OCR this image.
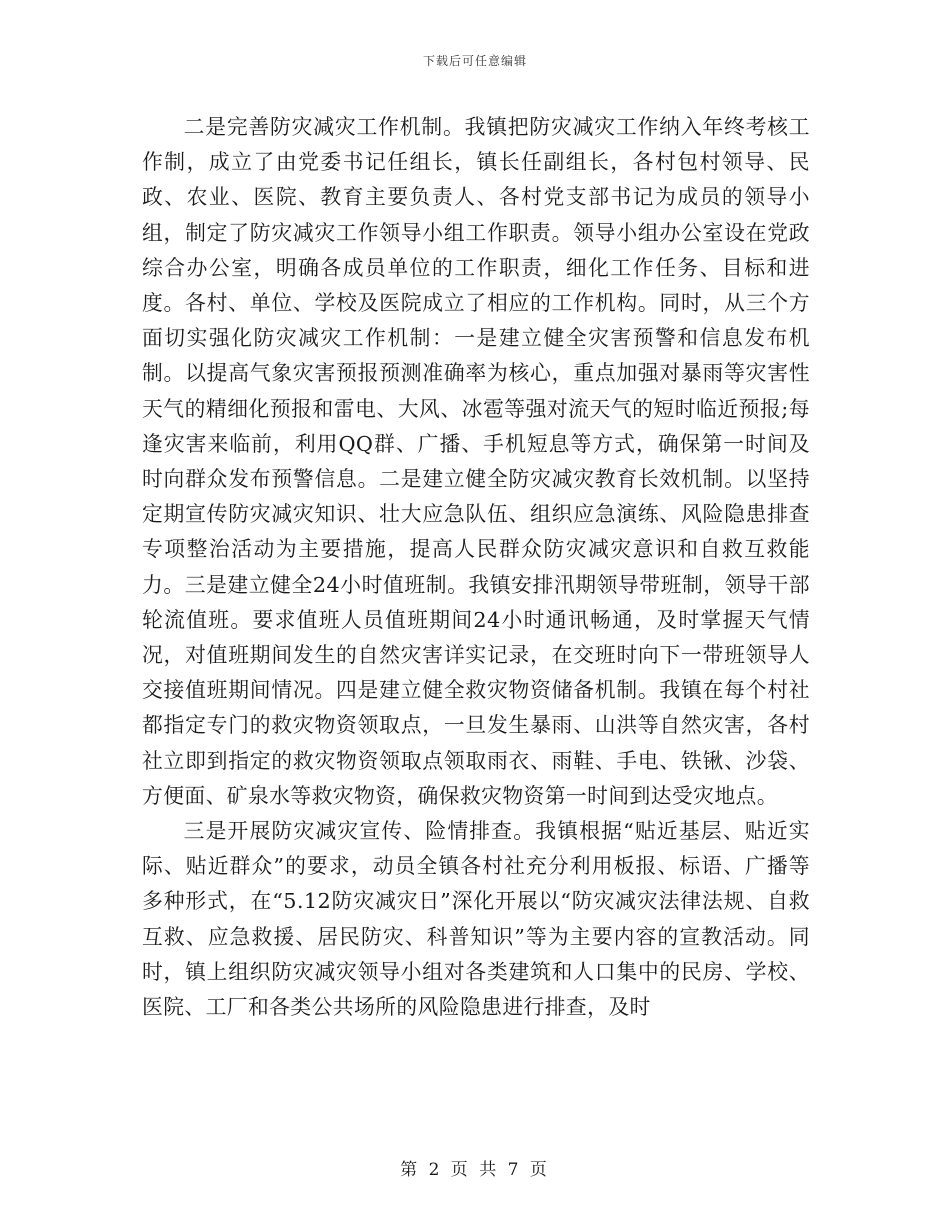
下载后可任意编辑

二是完善防灾减灾工作机制。我镇把防灾减灾工作纳入年终考核工作制，成立了由党委书记任组长，镇长任副组长，各村包村领导、民政、农业、医院、教育主要负责人、各村党支部书记为成员的领导小组，制定了防灾减灾工作领导小组工作职责。领导小组办公室设在党政综合办公室，明确各成员单位的工作职责，细化工作任务、目标和进度。各村、单位、学校及医院成立了相应的工作机构。同时，从三个方面切实强化防灾减灾工作机制：一是建立健全灾害预警和信息发布机制。以提高气象灾害预报预测准确率为核心，重点加强对暴雨等灾害性天气的精细化预报和雷电、大风、冰雹等强对流天气的短时临近预报;每逢灾害来临前，利用QQ群、广播、手机短息等方式，确保第一时间及时向群众发布预警信息。二是建立健全防灾减灾教育长效机制。以坚持定期宣传防灾减灾知识、壮大应急队伍、组织应急演练、风险隐患排查专项整治活动为主要措施，提高人民群众防灾减灾意识和自救互救能力。三是建立健全24小时值班制。我镇安排汛期领导带班制，领导干部轮流值班。要求值班人员值班期间24小时通讯畅通，及时掌握天气情况，对值班期间发生的自然灾害详实记录，在交班时向下一带班领导人交接值班期间情况。四是建立健全救灾物资储备机制。我镇在每个村社都指定专门的救灾物资领取点，一旦发生暴雨、山洪等自然灾害，各村社立即到指定的救灾物资领取点领取雨衣、雨鞋、手电、铁锹、沙袋、方便面、矿泉水等救灾物资，确保救灾物资第一时间到达受灾地点。

三是开展防灾减灾宣传、险情排查。我镇根据“贴近基层、贴近实际、贴近群众”的要求，动员全镇各村社充分利用板报、标语、广播等多种形式，在“5.12防灾减灾日”深化开展以“防灾减灾法律法规、自救互救、应急救援、居民防灾、科普知识”等为主要内容的宣教活动。同时，镇上组织防灾减灾领导小组对各类建筑和人口集中的民房、学校、医院、工厂和各类公共场所的风险隐患进行排查，及时

第 2 页 共 7 页
